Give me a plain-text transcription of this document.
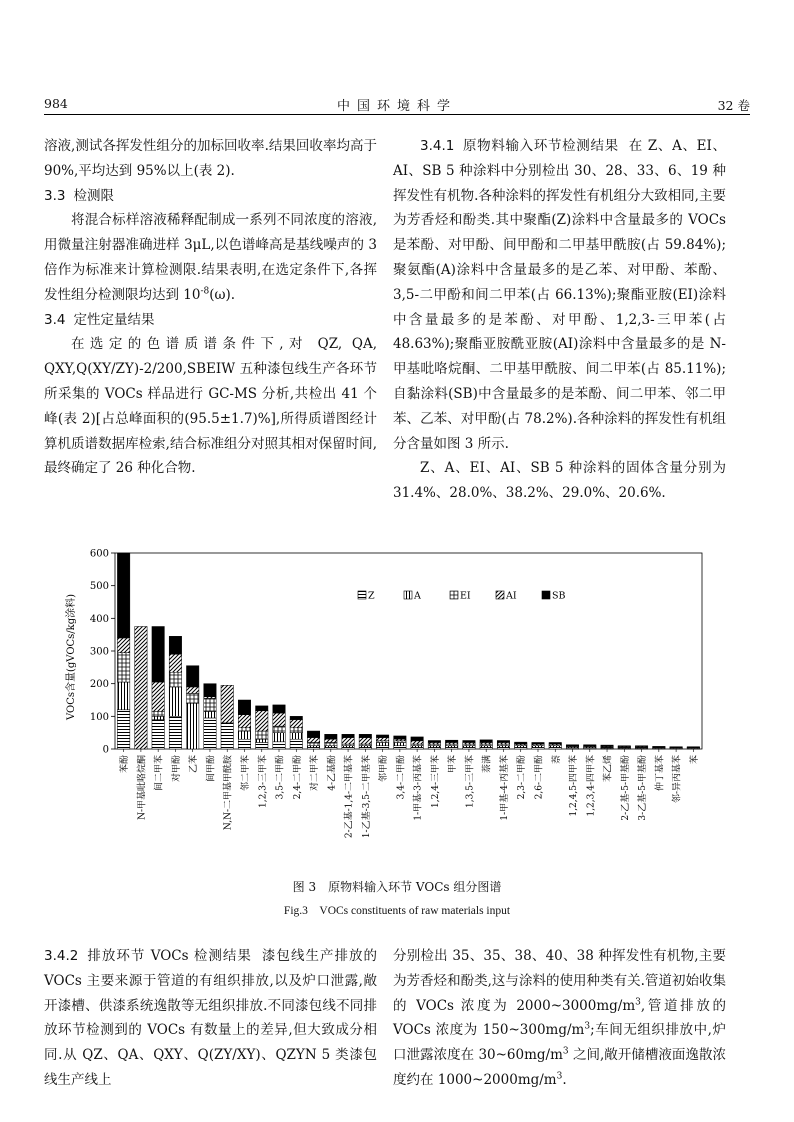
984	中国环境科学	32 卷

溶液,测试各挥发性组分的加标回收率.结果回收率均高于 90%,平均达到 95%以上(表 2).

3.3 检测限

将混合标样溶液稀释配制成一系列不同浓度的溶液,用微量注射器准确进样 3μL,以色谱峰高是基线噪声的 3 倍作为标准来计算检测限.结果表明,在选定条件下,各挥发性组分检测限均达到 $10^{-8}(\omega)$.

3.4 定性定量结果

在选定的色谱质谱条件下,对 QZ, QA, QXY,Q(XY/ZY)-2/200,SBEIW 五种漆包线生产各环节所采集的 VOCs 样品进行 GC-MS 分析,共检出 41 个峰(表 2)[占总峰面积的(95.5±1.7)%],所得质谱图经计算机质谱数据库检索,结合标准组分对照其相对保留时间,最终确定了 26 种化合物.

3.4.1 原物料输入环节检测结果 在 Z、A、EI、AI、SB 5 种涂料中分别检出 30、28、33、6、19 种挥发性有机物.各种涂料的挥发性有机组分大致相同,主要为芳香烃和酚类.其中聚酯(Z)涂料中含量最多的 VOCs 是苯酚、对甲酚、间甲酚和二甲基甲酰胺(占 59.84%);聚氨酯(A)涂料中含量最多的是乙苯、对甲酚、苯酚、3,5-二甲酚和间二甲苯(占 66.13%);聚酯亚胺(EI)涂料中含量最多的是苯酚、对甲酚、1,2,3-三甲苯(占 48.63%);聚酯亚胺酰亚胺(AI)涂料中含量最多的是 N-甲基吡咯烷酮、二甲基甲酰胺、间二甲苯(占 85.11%);自黏涂料(SB)中含量最多的是苯酚、间二甲苯、邻二甲苯、乙苯、对甲酚(占 78.2%).各种涂料的挥发性有机组分含量如图 3 所示.

Z、A、EI、AI、SB 5 种涂料的固体含量分别为 31.4%、28.0%、38.2%、29.0%、20.6%.

0
100
200
300
400
500
600
苯酚 N-甲基吡咯烷酮 间二甲苯 对甲酚 乙苯 间甲酚 N,N-二甲基甲酰胺 邻二甲苯 1,2,3-三甲苯 3,5-二甲酚 2,4-二甲酚 对二甲苯 4-乙基酚 2-乙基-1,4-二甲基苯 1-乙基-3,5-二甲基苯 邻甲酚 3,4-二甲酚 1-甲基-3-丙基苯 1,2,4-三甲苯 甲苯 1,3,5-三甲苯 萘满 1-甲基-4-丙基苯 2,3-二甲酚 2,6-二甲酚 萘 1,2,4,5-四甲苯 1,2,3,4-四甲苯 苯乙烯 2-乙基-5-甲基酚 3-乙基-5-甲基酚 仲丁基苯 邻-异丙基苯 苯
Z	A	EI	AI	SB
VOCs含量(gVOCs/kg涂料)
图 3　原物料输入环节 VOCs 组分图谱
Fig.3　VOCs constituents of raw materials input

3.4.2 排放环节 VOCs 检测结果 漆包线生产排放的 VOCs 主要来源于管道的有组织排放,以及炉口泄露,敞开漆槽、供漆系统逸散等无组织排放.不同漆包线不同排放环节检测到的 VOCs 有数量上的差异,但大致成分相同.从 QZ、QA、QXY、Q(ZY/XY)、QZYN 5 类漆包线生产线上

分别检出 35、35、38、40、38 种挥发性有机物,主要为芳香烃和酚类,这与涂料的使用种类有关.管道初始收集的 VOCs 浓度为 $2000\sim 3000mg/m^3$,管道排放的 VOCs 浓度为 $150\sim 300mg/m^3$;车间无组织排放中,炉口泄露浓度在 $30\sim 60mg/m^3$ 之间,敞开储槽液面逸散浓度约在 $1000\sim 2000mg/m^3$.
